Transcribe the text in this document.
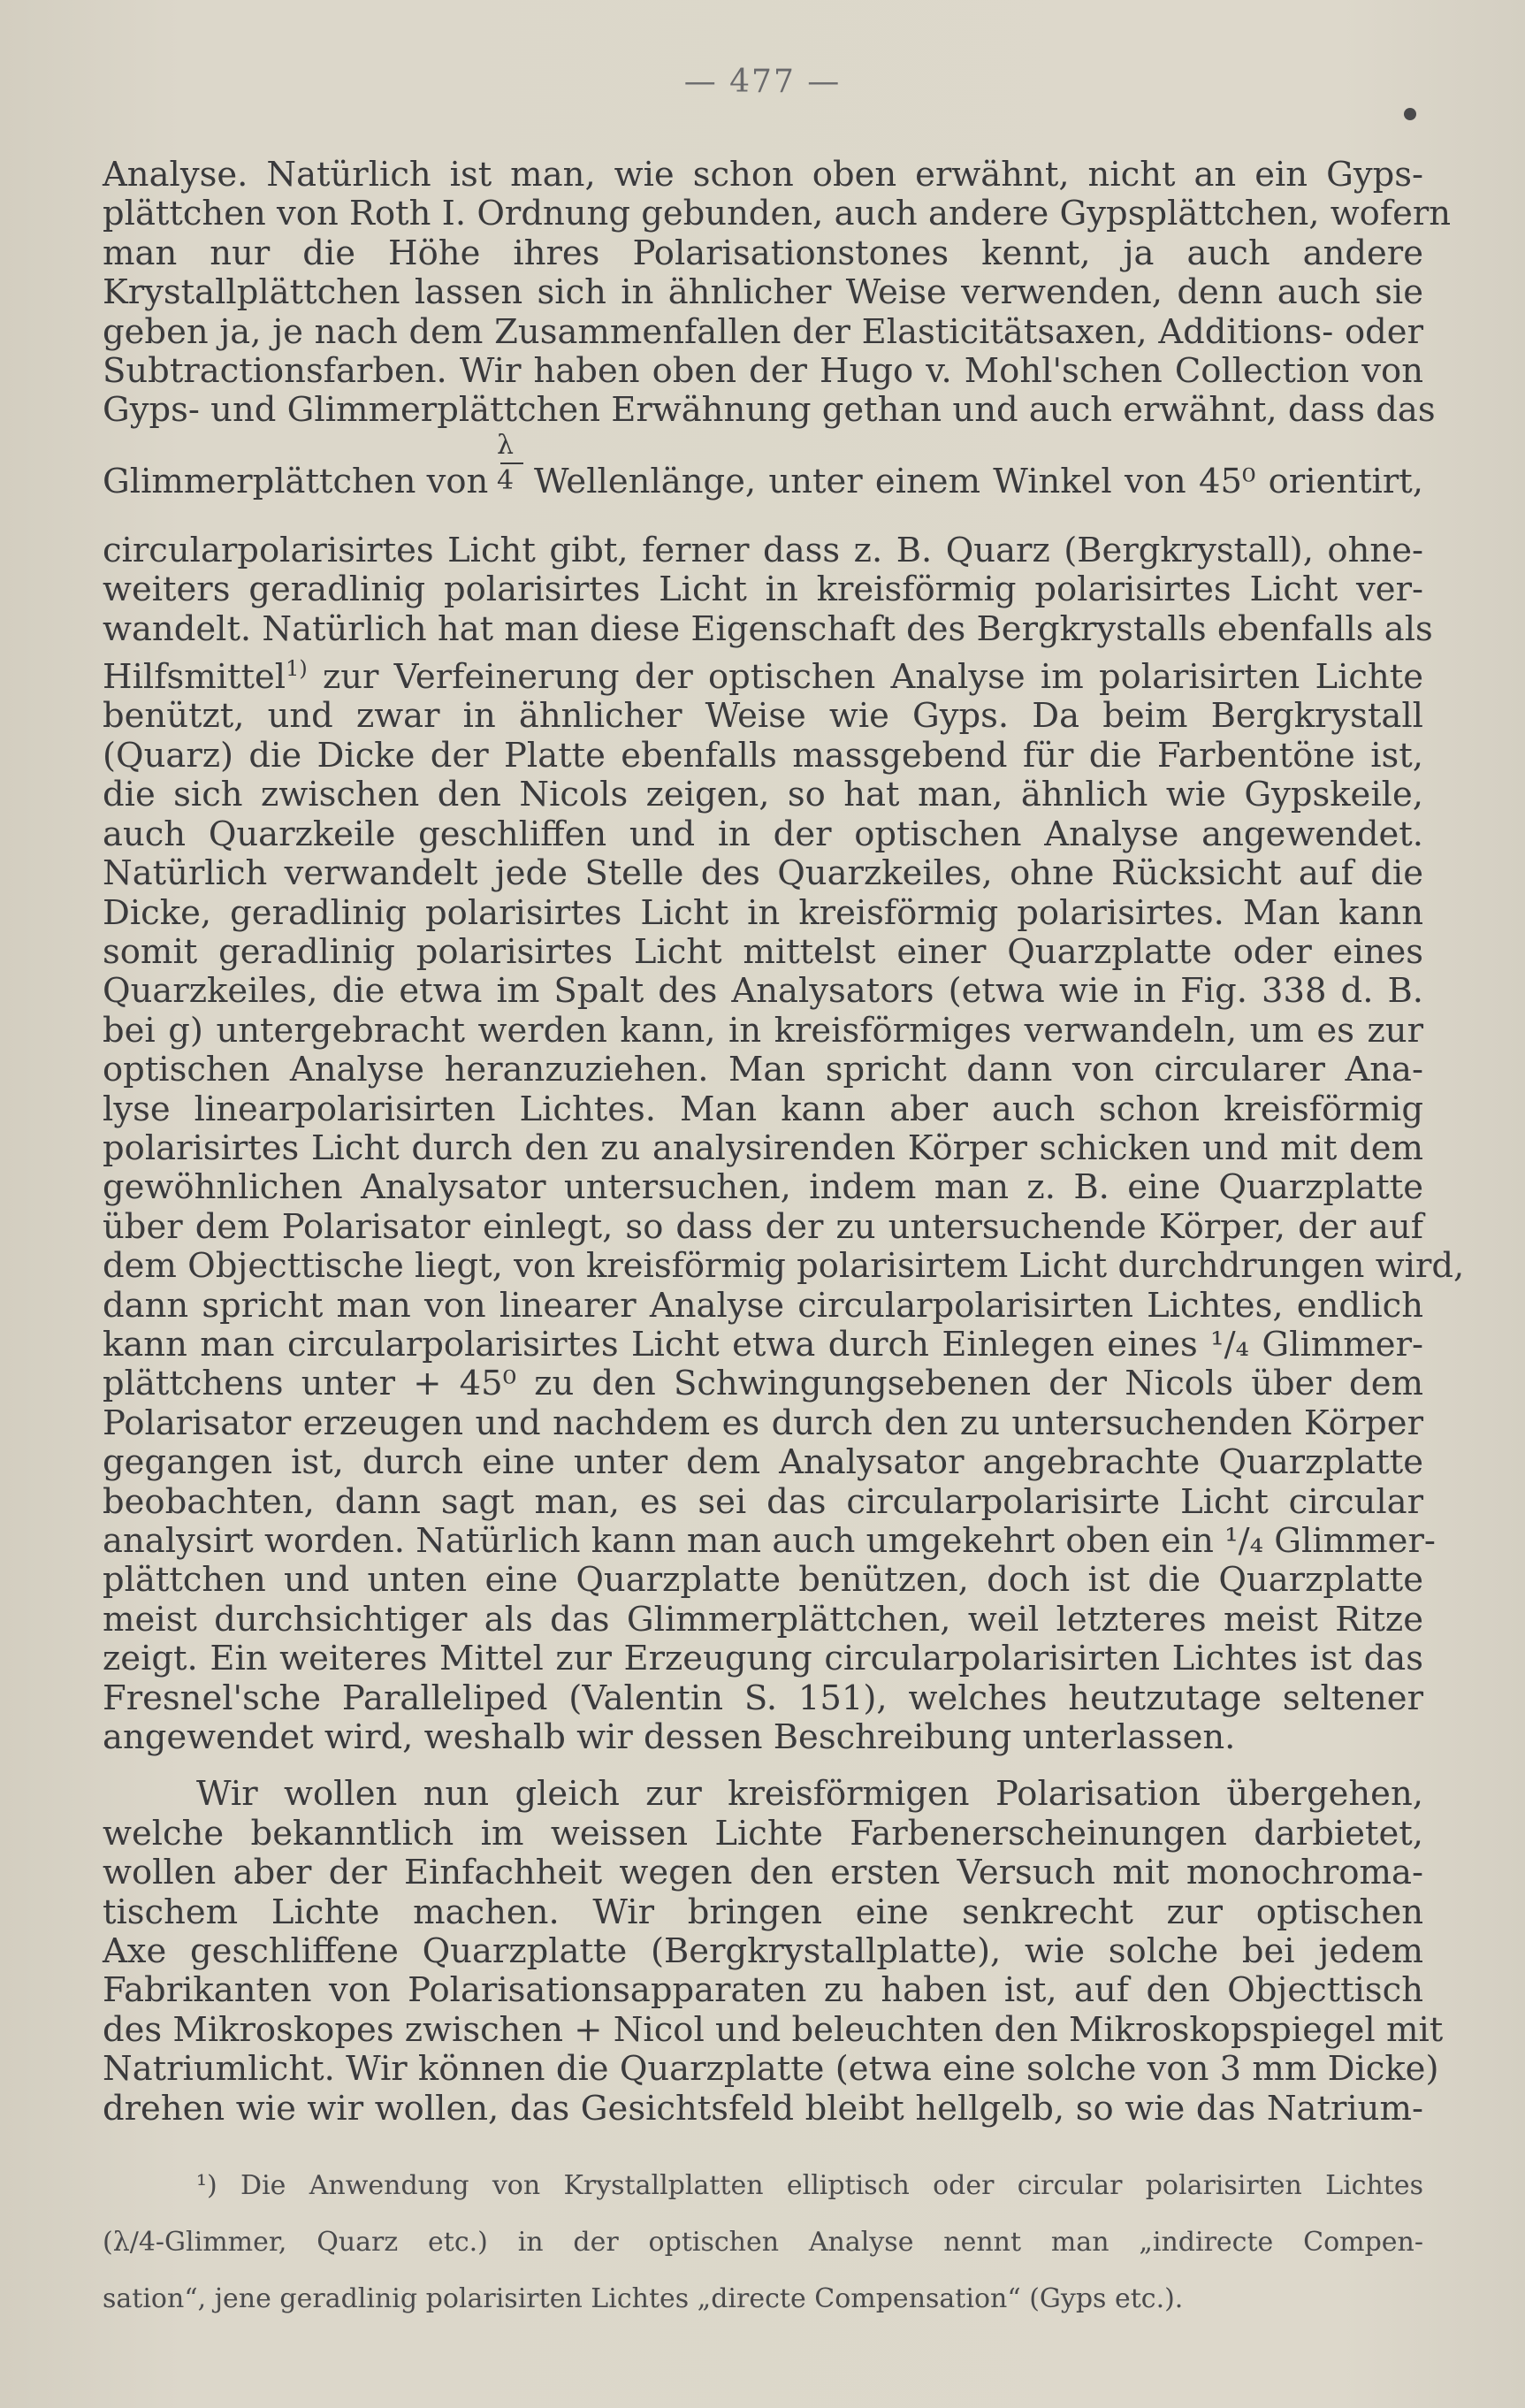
— 477 —
Analyse. Natürlich ist man, wie schon oben erwähnt, nicht an ein Gyps-
plättchen von Roth I. Ordnung gebunden, auch andere Gypsplättchen, wofern
man nur die Höhe ihres Polarisationstones kennt, ja auch andere
Krystallplättchen lassen sich in ähnlicher Weise verwenden, denn auch sie
geben ja, je nach dem Zusammenfallen der Elasticitätsaxen, Additions- oder
Subtractionsfarben. Wir haben oben der Hugo v. Mohl'schen Collection von
Gyps- und Glimmerplättchen Erwähnung gethan und auch erwähnt, dass das
Glimmerplättchen von
λ
4 Wellenlänge, unter einem Winkel von 45⁰ orientirt,
circularpolarisirtes Licht gibt, ferner dass z. B. Quarz (Bergkrystall), ohne-
weiters geradlinig polarisirtes Licht in kreisförmig polarisirtes Licht ver-
wandelt. Natürlich hat man diese Eigenschaft des Bergkrystalls ebenfalls als
Hilfsmittel$^{1)}$ zur Verfeinerung der optischen Analyse im polarisirten Lichte
benützt, und zwar in ähnlicher Weise wie Gyps. Da beim Bergkrystall
(Quarz) die Dicke der Platte ebenfalls massgebend für die Farbentöne ist,
die sich zwischen den Nicols zeigen, so hat man, ähnlich wie Gypskeile,
auch Quarzkeile geschliffen und in der optischen Analyse angewendet.
Natürlich verwandelt jede Stelle des Quarzkeiles, ohne Rücksicht auf die
Dicke, geradlinig polarisirtes Licht in kreisförmig polarisirtes. Man kann
somit geradlinig polarisirtes Licht mittelst einer Quarzplatte oder eines
Quarzkeiles, die etwa im Spalt des Analysators (etwa wie in Fig. 338 d. B.
bei g) untergebracht werden kann, in kreisförmiges verwandeln, um es zur
optischen Analyse heranzuziehen. Man spricht dann von circularer Ana-
lyse linearpolarisirten Lichtes. Man kann aber auch schon kreisförmig
polarisirtes Licht durch den zu analysirenden Körper schicken und mit dem
gewöhnlichen Analysator untersuchen, indem man z. B. eine Quarzplatte
über dem Polarisator einlegt, so dass der zu untersuchende Körper, der auf
dem Objecttische liegt, von kreisförmig polarisirtem Licht durchdrungen wird,
dann spricht man von linearer Analyse circularpolarisirten Lichtes, endlich
kann man circularpolarisirtes Licht etwa durch Einlegen eines ¹/₄ Glimmer-
plättchens unter + 45⁰ zu den Schwingungsebenen der Nicols über dem
Polarisator erzeugen und nachdem es durch den zu untersuchenden Körper
gegangen ist, durch eine unter dem Analysator angebrachte Quarzplatte
beobachten, dann sagt man, es sei das circularpolarisirte Licht circular
analysirt worden. Natürlich kann man auch umgekehrt oben ein ¹/₄ Glimmer-
plättchen und unten eine Quarzplatte benützen, doch ist die Quarzplatte
meist durchsichtiger als das Glimmerplättchen, weil letzteres meist Ritze
zeigt. Ein weiteres Mittel zur Erzeugung circularpolarisirten Lichtes ist das
Fresnel'sche Paralleliped (Valentin S. 151), welches heutzutage seltener
angewendet wird, weshalb wir dessen Beschreibung unterlassen.
Wir wollen nun gleich zur kreisförmigen Polarisation übergehen,
welche bekanntlich im weissen Lichte Farbenerscheinungen darbietet,
wollen aber der Einfachheit wegen den ersten Versuch mit monochroma-
tischem Lichte machen. Wir bringen eine senkrecht zur optischen
Axe geschliffene Quarzplatte (Bergkrystallplatte), wie solche bei jedem
Fabrikanten von Polarisationsapparaten zu haben ist, auf den Objecttisch
des Mikroskopes zwischen + Nicol und beleuchten den Mikroskopspiegel mit
Natriumlicht. Wir können die Quarzplatte (etwa eine solche von 3 mm Dicke)
drehen wie wir wollen, das Gesichtsfeld bleibt hellgelb, so wie das Natrium-
¹) Die Anwendung von Krystallplatten elliptisch oder circular polarisirten Lichtes
(λ/4-Glimmer, Quarz etc.) in der optischen Analyse nennt man „indirecte Compen-
sation“, jene geradlinig polarisirten Lichtes „directe Compensation“ (Gyps etc.).
